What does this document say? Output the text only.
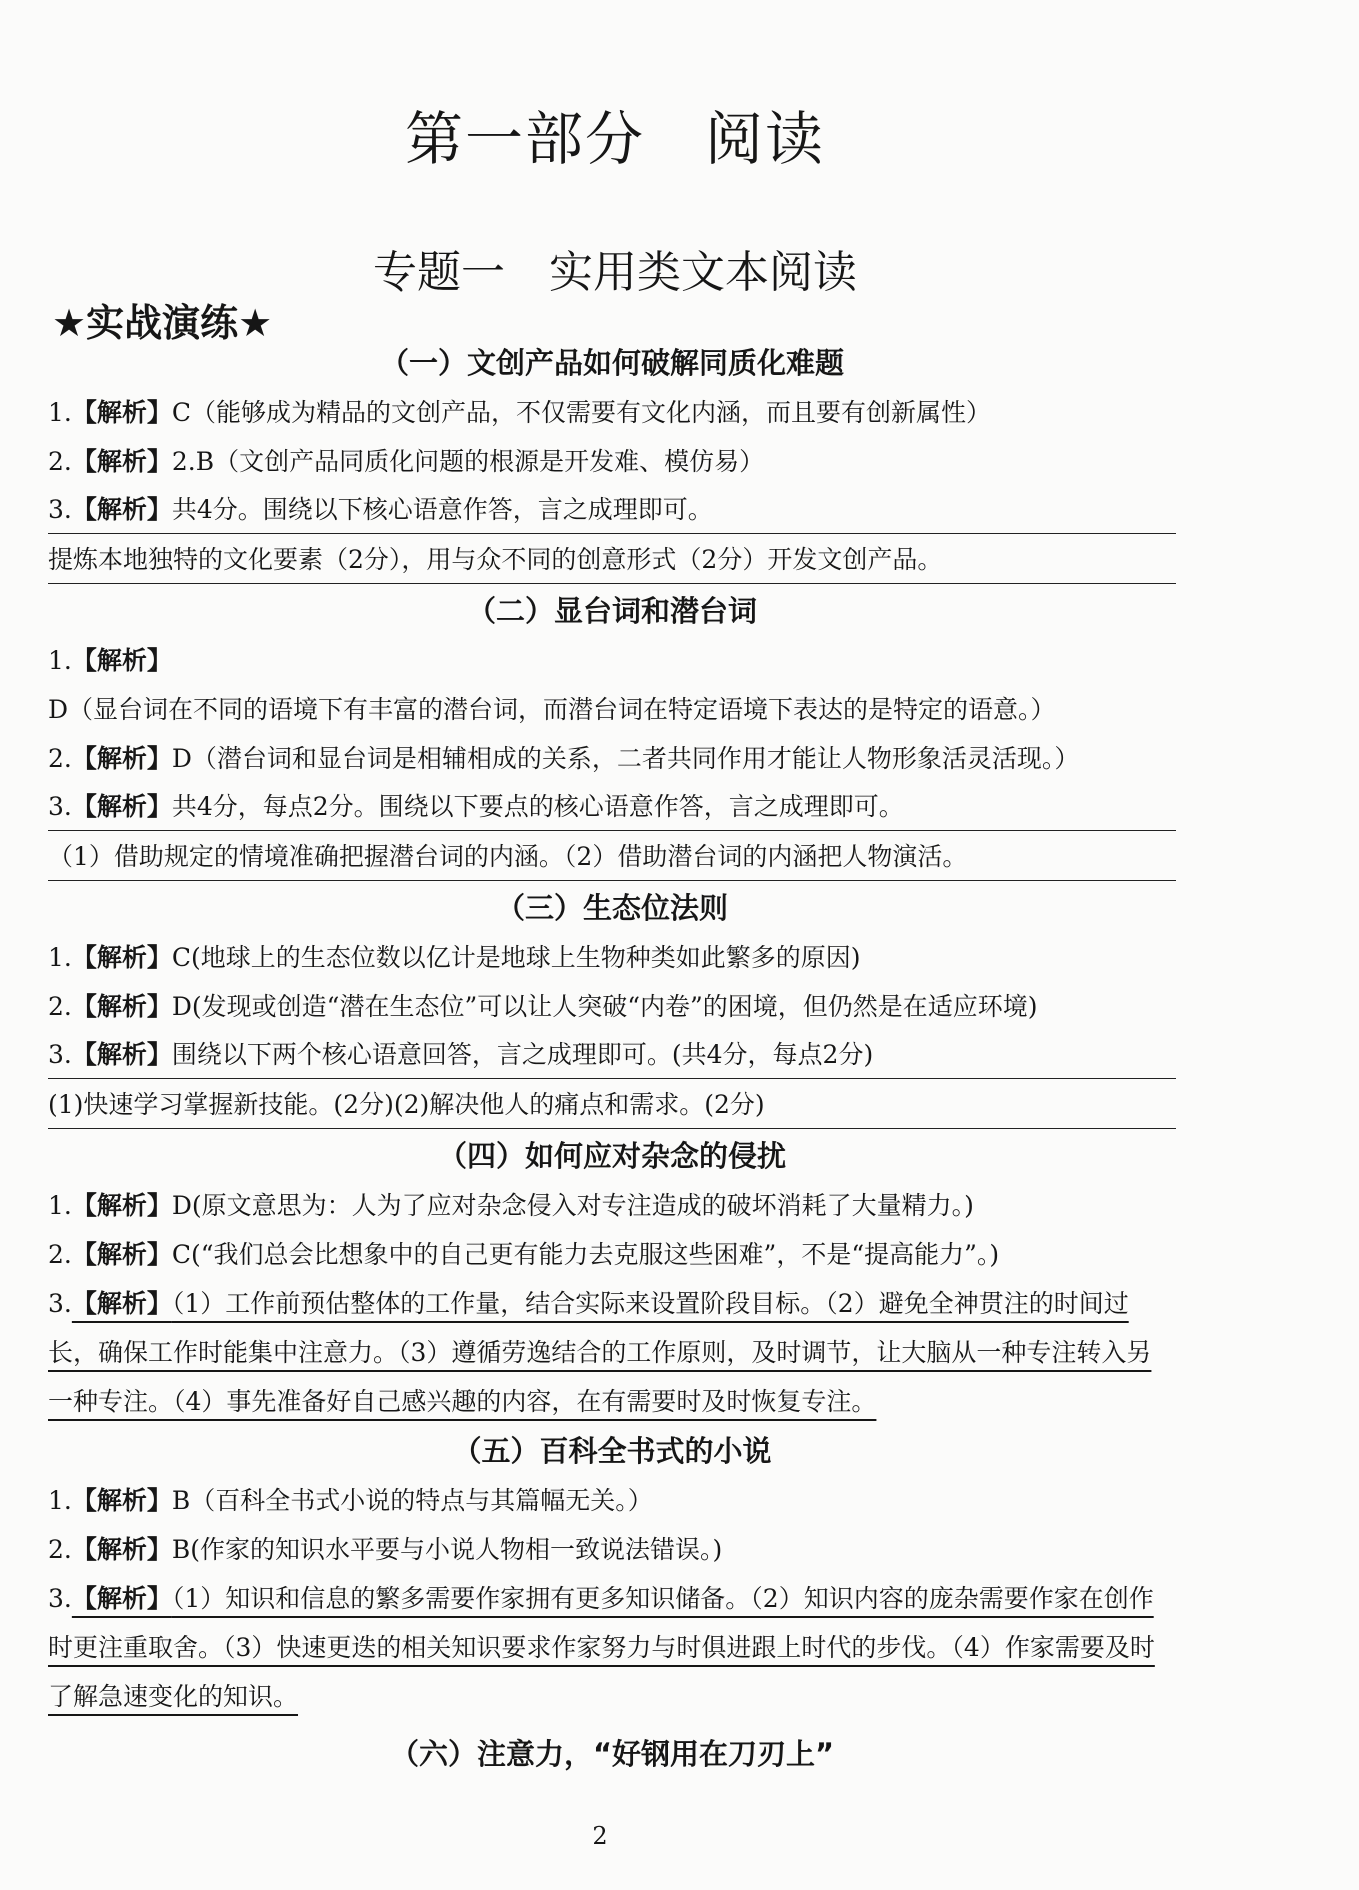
第一部分　阅读
专题一　实用类文本阅读
★实战演练★
（一）文创产品如何破解同质化难题
1.【解析】C（能够成为精品的文创产品，不仅需要有文化内涵，而且要有创新属性）
2.【解析】2.B（文创产品同质化问题的根源是开发难、模仿易）
3.【解析】共4分。围绕以下核心语意作答，言之成理即可。
提炼本地独特的文化要素（2分），用与众不同的创意形式（2分）开发文创产品。
（二）显台词和潜台词
1.【解析】D（显台词在不同的语境下有丰富的潜台词，而潜台词在特定语境下表达的是特定的语意。）
2.【解析】D（潜台词和显台词是相辅相成的关系，二者共同作用才能让人物形象活灵活现。）
3.【解析】共4分，每点2分。围绕以下要点的核心语意作答，言之成理即可。
（1）借助规定的情境准确把握潜台词的内涵。（2）借助潜台词的内涵把人物演活。
（三）生态位法则
1.【解析】C(地球上的生态位数以亿计是地球上生物种类如此繁多的原因)
2.【解析】D(发现或创造“潜在生态位”可以让人突破“内卷”的困境，但仍然是在适应环境)
3.【解析】围绕以下两个核心语意回答，言之成理即可。(共4分，每点2分)
(1)快速学习掌握新技能。(2分)(2)解决他人的痛点和需求。(2分)
（四）如何应对杂念的侵扰
1.【解析】D(原文意思为：人为了应对杂念侵入对专注造成的破坏消耗了大量精力。)
2.【解析】C(“我们总会比想象中的自己更有能力去克服这些困难”，不是“提高能力”。)
3.【解析】（1）工作前预估整体的工作量，结合实际来设置阶段目标。（2）避免全神贯注的时间过长，确保工作时能集中注意力。（3）遵循劳逸结合的工作原则，及时调节，让大脑从一种专注转入另一种专注。（4）事先准备好自己感兴趣的内容，在有需要时及时恢复专注。
（五）百科全书式的小说
1.【解析】B（百科全书式小说的特点与其篇幅无关。）
2.【解析】B(作家的知识水平要与小说人物相一致说法错误。)
3.【解析】（1）知识和信息的繁多需要作家拥有更多知识储备。（2）知识内容的庞杂需要作家在创作时更注重取舍。（3）快速更迭的相关知识要求作家努力与时俱进跟上时代的步伐。（4）作家需要及时了解急速变化的知识。
（六）注意力，“好钢用在刀刃上”
2
